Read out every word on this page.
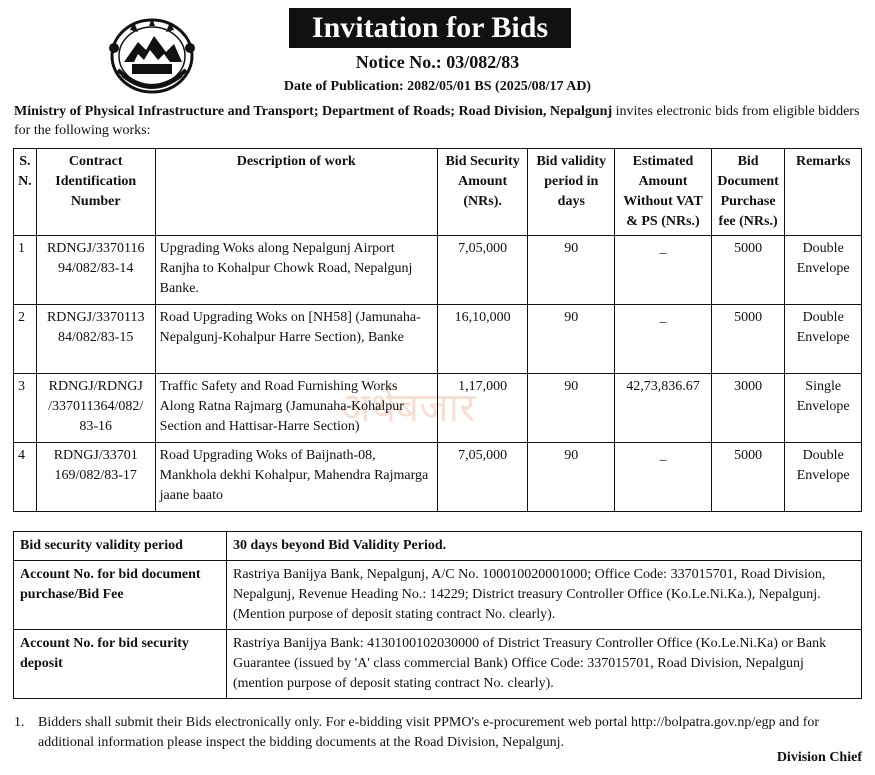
Invitation for Bids
Notice No.: 03/082/83
Date of Publication: 2082/05/01 BS (2025/08/17 AD)
Ministry of Physical Infrastructure and Transport; Department of Roads; Road Division, Nepalgunj invites electronic bids from eligible bidders for the following works:
अर्थबजार
S. N.	Contract Identification Number	Description of work	Bid Security Amount (NRs).	Bid validity period in days	Estimated Amount Without VAT & PS (NRs.)	Bid Document Purchase fee (NRs.)	Remarks
1	RDNGJ/3370116 94/082/83-14	Upgrading Woks along Nepalgunj Airport Ranjha to Kohalpur Chowk Road, Nepalgunj Banke.	7,05,000	90	_	5000	Double Envelope
2	RDNGJ/3370113 84/082/83-15	Road Upgrading Woks on [NH58] (Jamunaha-Nepalgunj-Kohalpur Harre Section), Banke	16,10,000	90	_	5000	Double Envelope
3	RDNGJ/RDNGJ /337011364/082/ 83-16	Traffic Safety and Road Furnishing Works Along Ratna Rajmarg (Jamunaha-Kohalpur Section and Hattisar-Harre Section)	1,17,000	90	42,73,836.67	3000	Single Envelope
4	RDNGJ/33701 169/082/83-17	Road Upgrading Woks of Baijnath-08, Mankhola dekhi Kohalpur, Mahendra Rajmarga jaane baato	7,05,000	90	_	5000	Double Envelope
Bid security validity period	30 days beyond Bid Validity Period.
Account No. for bid document purchase/Bid Fee	Rastriya Banijya Bank, Nepalgunj, A/C No. 100010020001000; Office Code: 337015701, Road Division, Nepalgunj, Revenue Heading No.: 14229; District treasury Controller Office (Ko.Le.Ni.Ka.), Nepalgunj. (Mention purpose of deposit stating contract No. clearly).
Account No. for bid security deposit	Rastriya Banijya Bank: 4130100102030000 of District Treasury Controller Office (Ko.Le.Ni.Ka) or Bank Guarantee (issued by 'A' class commercial Bank) Office Code: 337015701, Road Division, Nepalgunj (mention purpose of deposit stating contract No. clearly).
1. Bidders shall submit their Bids electronically only. For e-bidding visit PPMO's e-procurement web portal http://bolpatra.gov.np/egp and for additional information please inspect the bidding documents at the Road Division, Nepalgunj.
Division Chief
